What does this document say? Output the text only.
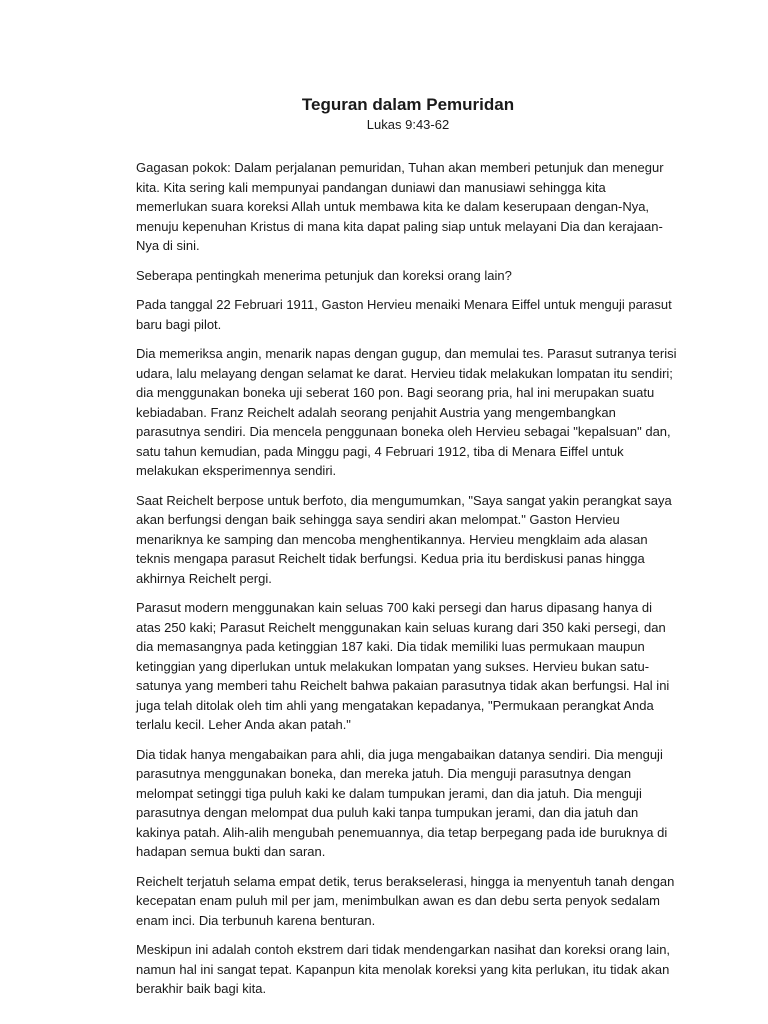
Teguran dalam Pemuridan

Lukas 9:43-62

Gagasan pokok: Dalam perjalanan pemuridan, Tuhan akan memberi petunjuk dan menegur kita. Kita sering kali mempunyai pandangan duniawi dan manusiawi sehingga kita memerlukan suara koreksi Allah untuk membawa kita ke dalam keserupaan dengan-Nya, menuju kepenuhan Kristus di mana kita dapat paling siap untuk melayani Dia dan kerajaan-Nya di sini.

Seberapa pentingkah menerima petunjuk dan koreksi orang lain?

Pada tanggal 22 Februari 1911, Gaston Hervieu menaiki Menara Eiffel untuk menguji parasut baru bagi pilot.

Dia memeriksa angin, menarik napas dengan gugup, dan memulai tes. Parasut sutranya terisi udara, lalu melayang dengan selamat ke darat. Hervieu tidak melakukan lompatan itu sendiri; dia menggunakan boneka uji seberat 160 pon. Bagi seorang pria, hal ini merupakan suatu kebiadaban. Franz Reichelt adalah seorang penjahit Austria yang mengembangkan parasutnya sendiri. Dia mencela penggunaan boneka oleh Hervieu sebagai "kepalsuan" dan, satu tahun kemudian, pada Minggu pagi, 4 Februari 1912, tiba di Menara Eiffel untuk melakukan eksperimennya sendiri.

Saat Reichelt berpose untuk berfoto, dia mengumumkan, "Saya sangat yakin perangkat saya akan berfungsi dengan baik sehingga saya sendiri akan melompat." Gaston Hervieu menariknya ke samping dan mencoba menghentikannya. Hervieu mengklaim ada alasan teknis mengapa parasut Reichelt tidak berfungsi. Kedua pria itu berdiskusi panas hingga akhirnya Reichelt pergi.

Parasut modern menggunakan kain seluas 700 kaki persegi dan harus dipasang hanya di atas 250 kaki; Parasut Reichelt menggunakan kain seluas kurang dari 350 kaki persegi, dan dia memasangnya pada ketinggian 187 kaki. Dia tidak memiliki luas permukaan maupun ketinggian yang diperlukan untuk melakukan lompatan yang sukses. Hervieu bukan satu-satunya yang memberi tahu Reichelt bahwa pakaian parasutnya tidak akan berfungsi. Hal ini juga telah ditolak oleh tim ahli yang mengatakan kepadanya, "Permukaan perangkat Anda terlalu kecil. Leher Anda akan patah."

Dia tidak hanya mengabaikan para ahli, dia juga mengabaikan datanya sendiri. Dia menguji parasutnya menggunakan boneka, dan mereka jatuh. Dia menguji parasutnya dengan melompat setinggi tiga puluh kaki ke dalam tumpukan jerami, dan dia jatuh. Dia menguji parasutnya dengan melompat dua puluh kaki tanpa tumpukan jerami, dan dia jatuh dan kakinya patah. Alih-alih mengubah penemuannya, dia tetap berpegang pada ide buruknya di hadapan semua bukti dan saran.

Reichelt terjatuh selama empat detik, terus berakselerasi, hingga ia menyentuh tanah dengan kecepatan enam puluh mil per jam, menimbulkan awan es dan debu serta penyok sedalam enam inci. Dia terbunuh karena benturan.

Meskipun ini adalah contoh ekstrem dari tidak mendengarkan nasihat dan koreksi orang lain, namun hal ini sangat tepat. Kapanpun kita menolak koreksi yang kita perlukan, itu tidak akan berakhir baik bagi kita.
